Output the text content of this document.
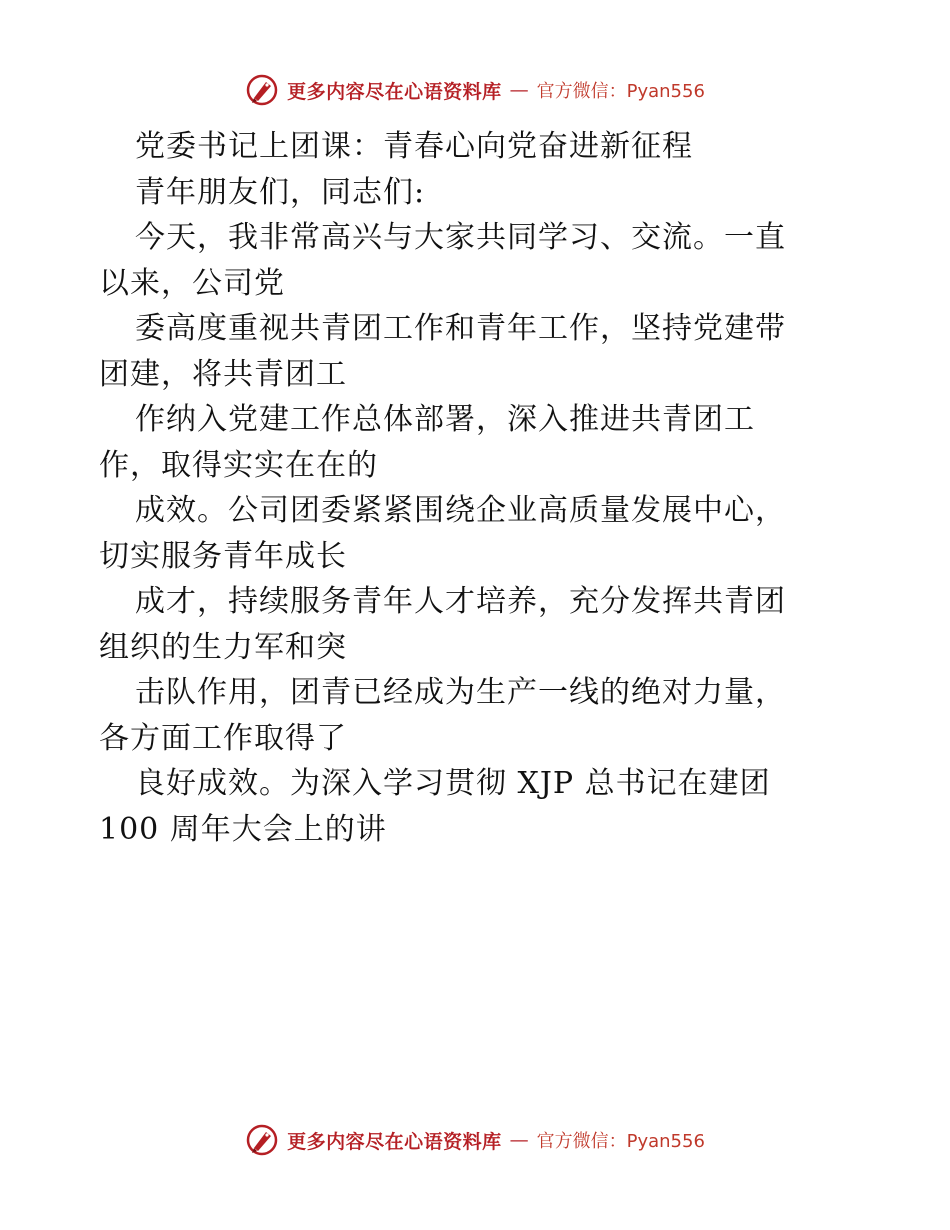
更多内容尽在心语资料库 — 官方微信：Pyan556
党委书记上团课：青春心向党奋进新征程
青年朋友们，同志们:
今天，我非常高兴与大家共同学习、交流。一直
以来，公司党
委高度重视共青团工作和青年工作，坚持党建带
团建，将共青团工
作纳入党建工作总体部署，深入推进共青团工
作，取得实实在在的
成效。公司团委紧紧围绕企业高质量发展中心，
切实服务青年成长
成才，持续服务青年人才培养，充分发挥共青团
组织的生力军和突
击队作用，团青已经成为生产一线的绝对力量，
各方面工作取得了
良好成效。为深入学习贯彻 XJP 总书记在建团
100 周年大会上的讲
更多内容尽在心语资料库 — 官方微信：Pyan556
